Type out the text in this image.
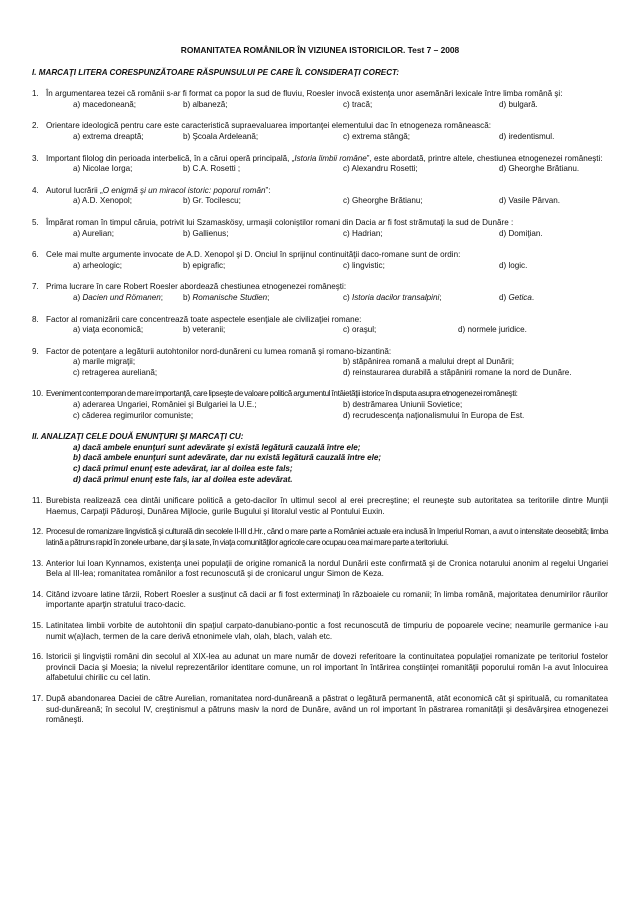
ROMANITATEA ROMÂNILOR ÎN VIZIUNEA ISTORICILOR. Test 7 – 2008
I. MARCAŢI LITERA CORESPUNZĂTOARE RĂSPUNSULUI PE CARE ÎL CONSIDERAŢI CORECT:
1. În argumentarea tezei că românii s-ar fi format ca popor la sud de fluviu, Roesler invocă existenţa unor asemănări lexicale între limba română şi:
a) macedoneană;	b) albaneză;	c) tracă;	d) bulgară.
2. Orientare ideologică pentru care este caracteristică supraevaluarea importanţei elementului dac în etnogeneza românească:
a) extrema dreaptă;	b) Şcoala Ardeleană;	c) extrema stângă;	d) iredentismul.
3. Important filolog din perioada interbelică, în a cărui operă principală, „Istoria limbii române”, este abordată, printre altele, chestiunea etnogenezei româneşti:
a) Nicolae Iorga;	b) C.A. Rosetti ;	c) Alexandru Rosetti;	d) Gheorghe Brătianu.
4. Autorul lucrării „O enigmă şi un miracol istoric: poporul român”:
a) A.D. Xenopol;	b) Gr. Tocilescu;	c) Gheorghe Brătianu;	d) Vasile Pârvan.
5. Împărat roman în timpul căruia, potrivit lui Szamaskösy, urmaşii coloniştilor romani din Dacia ar fi fost strămutaţi la sud de Dunăre :
a) Aurelian;	b) Gallienus;	c) Hadrian;	d) Domiţian.
6. Cele mai multe argumente invocate de A.D. Xenopol şi D. Onciul în sprijinul continuităţii daco-romane sunt de ordin:
a) arheologic;	b) epigrafic;	c) lingvistic;	d) logic.
7. Prima lucrare în care Robert Roesler abordează chestiunea etnogenezei româneşti:
a) Dacien und Römanen; b) Romanische Studien;	c) Istoria dacilor transalpini;	d) Getica.
8. Factor al romanizării care concentrează toate aspectele esenţiale ale civilizaţiei romane:
a) viaţa economică;	b) veteranii;	c) oraşul;	d) normele juridice.
9. Factor de potenţare a legăturii autohtonilor nord-dunăreni cu lumea romană şi romano-bizantină:
a) marile migraţii;	b) stăpânirea romană a malului drept al Dunării;
c) retragerea aureliană;	d) reinstaurarea durabilă a stăpânirii romane la nord de Dunăre.
10. Eveniment contemporan de mare importanţă, care lipseşte de valoare politică argumentul întâietăţii istorice în disputa asupra etnogenezei româneşti:
a) aderarea Ungariei, României şi Bulgariei la U.E.;	b) destrămarea Uniunii Sovietice;
c) căderea regimurilor comuniste;	d) recrudescenţa naţionalismului în Europa de Est.
II. ANALIZAŢI CELE DOUĂ ENUNŢURI ŞI MARCAŢI CU:
a) dacă ambele enunţuri sunt adevărate şi există legătură cauzală între ele;
b) dacă ambele enunţuri sunt adevărate, dar nu există legătură cauzală între ele;
c) dacă primul enunţ este adevărat, iar al doilea este fals;
d) dacă primul enunţ este fals, iar al doilea este adevărat.
11. Burebista realizează cea dintâi unificare politică a geto-dacilor în ultimul secol al erei precreştine; el reuneşte sub autoritatea sa teritoriile dintre Munţii Haemus, Carpaţii Păduroşi, Dunărea Mijlocie, gurile Bugului şi litoralul vestic al Pontului Euxin.
12. Procesul de romanizare lingvistică şi culturală din secolele II-III d.Hr., când o mare parte a României actuale era inclusă în Imperiul Roman, a avut o intensitate deosebită; limba latină a pătruns rapid în zonele urbane, dar şi la sate, în viaţa comunităţilor agricole care ocupau cea mai mare parte a teritoriului.
13. Anterior lui Ioan Kynnamos, existenţa unei populaţii de origine romanică la nordul Dunării este confirmată şi de Cronica notarului anonim al regelui Ungariei Bela al III-lea; romanitatea românilor a fost recunoscută şi de cronicarul ungur Simon de Keza.
14. Citând izvoare latine târzii, Robert Roesler a susţinut că dacii ar fi fost exterminaţi în războaiele cu romanii; în limba română, majoritatea denumirilor râurilor importante aparţin stratului traco-dacic.
15. Latinitatea limbii vorbite de autohtonii din spaţiul carpato-danubiano-pontic a fost recunoscută de timpuriu de popoarele vecine; neamurile germanice i-au numit w(a)lach, termen de la care derivă etnonimele vlah, olah, blach, valah etc.
16. Istoricii şi lingviştii români din secolul al XIX-lea au adunat un mare număr de dovezi referitoare la continuitatea populaţiei romanizate pe teritoriul fostelor provincii Dacia şi Moesia; la nivelul reprezentărilor identitare comune, un rol important în întărirea conştiinţei romanităţii poporului român l-a avut înlocuirea alfabetului chirilic cu cel latin.
17. După abandonarea Daciei de către Aurelian, romanitatea nord-dunăreană a păstrat o legătură permanentă, atât economică cât şi spirituală, cu romanitatea sud-dunăreană; în secolul IV, creştinismul a pătruns masiv la nord de Dunăre, având un rol important în păstrarea romanităţii şi desăvârşirea etnogenezei româneşti.
